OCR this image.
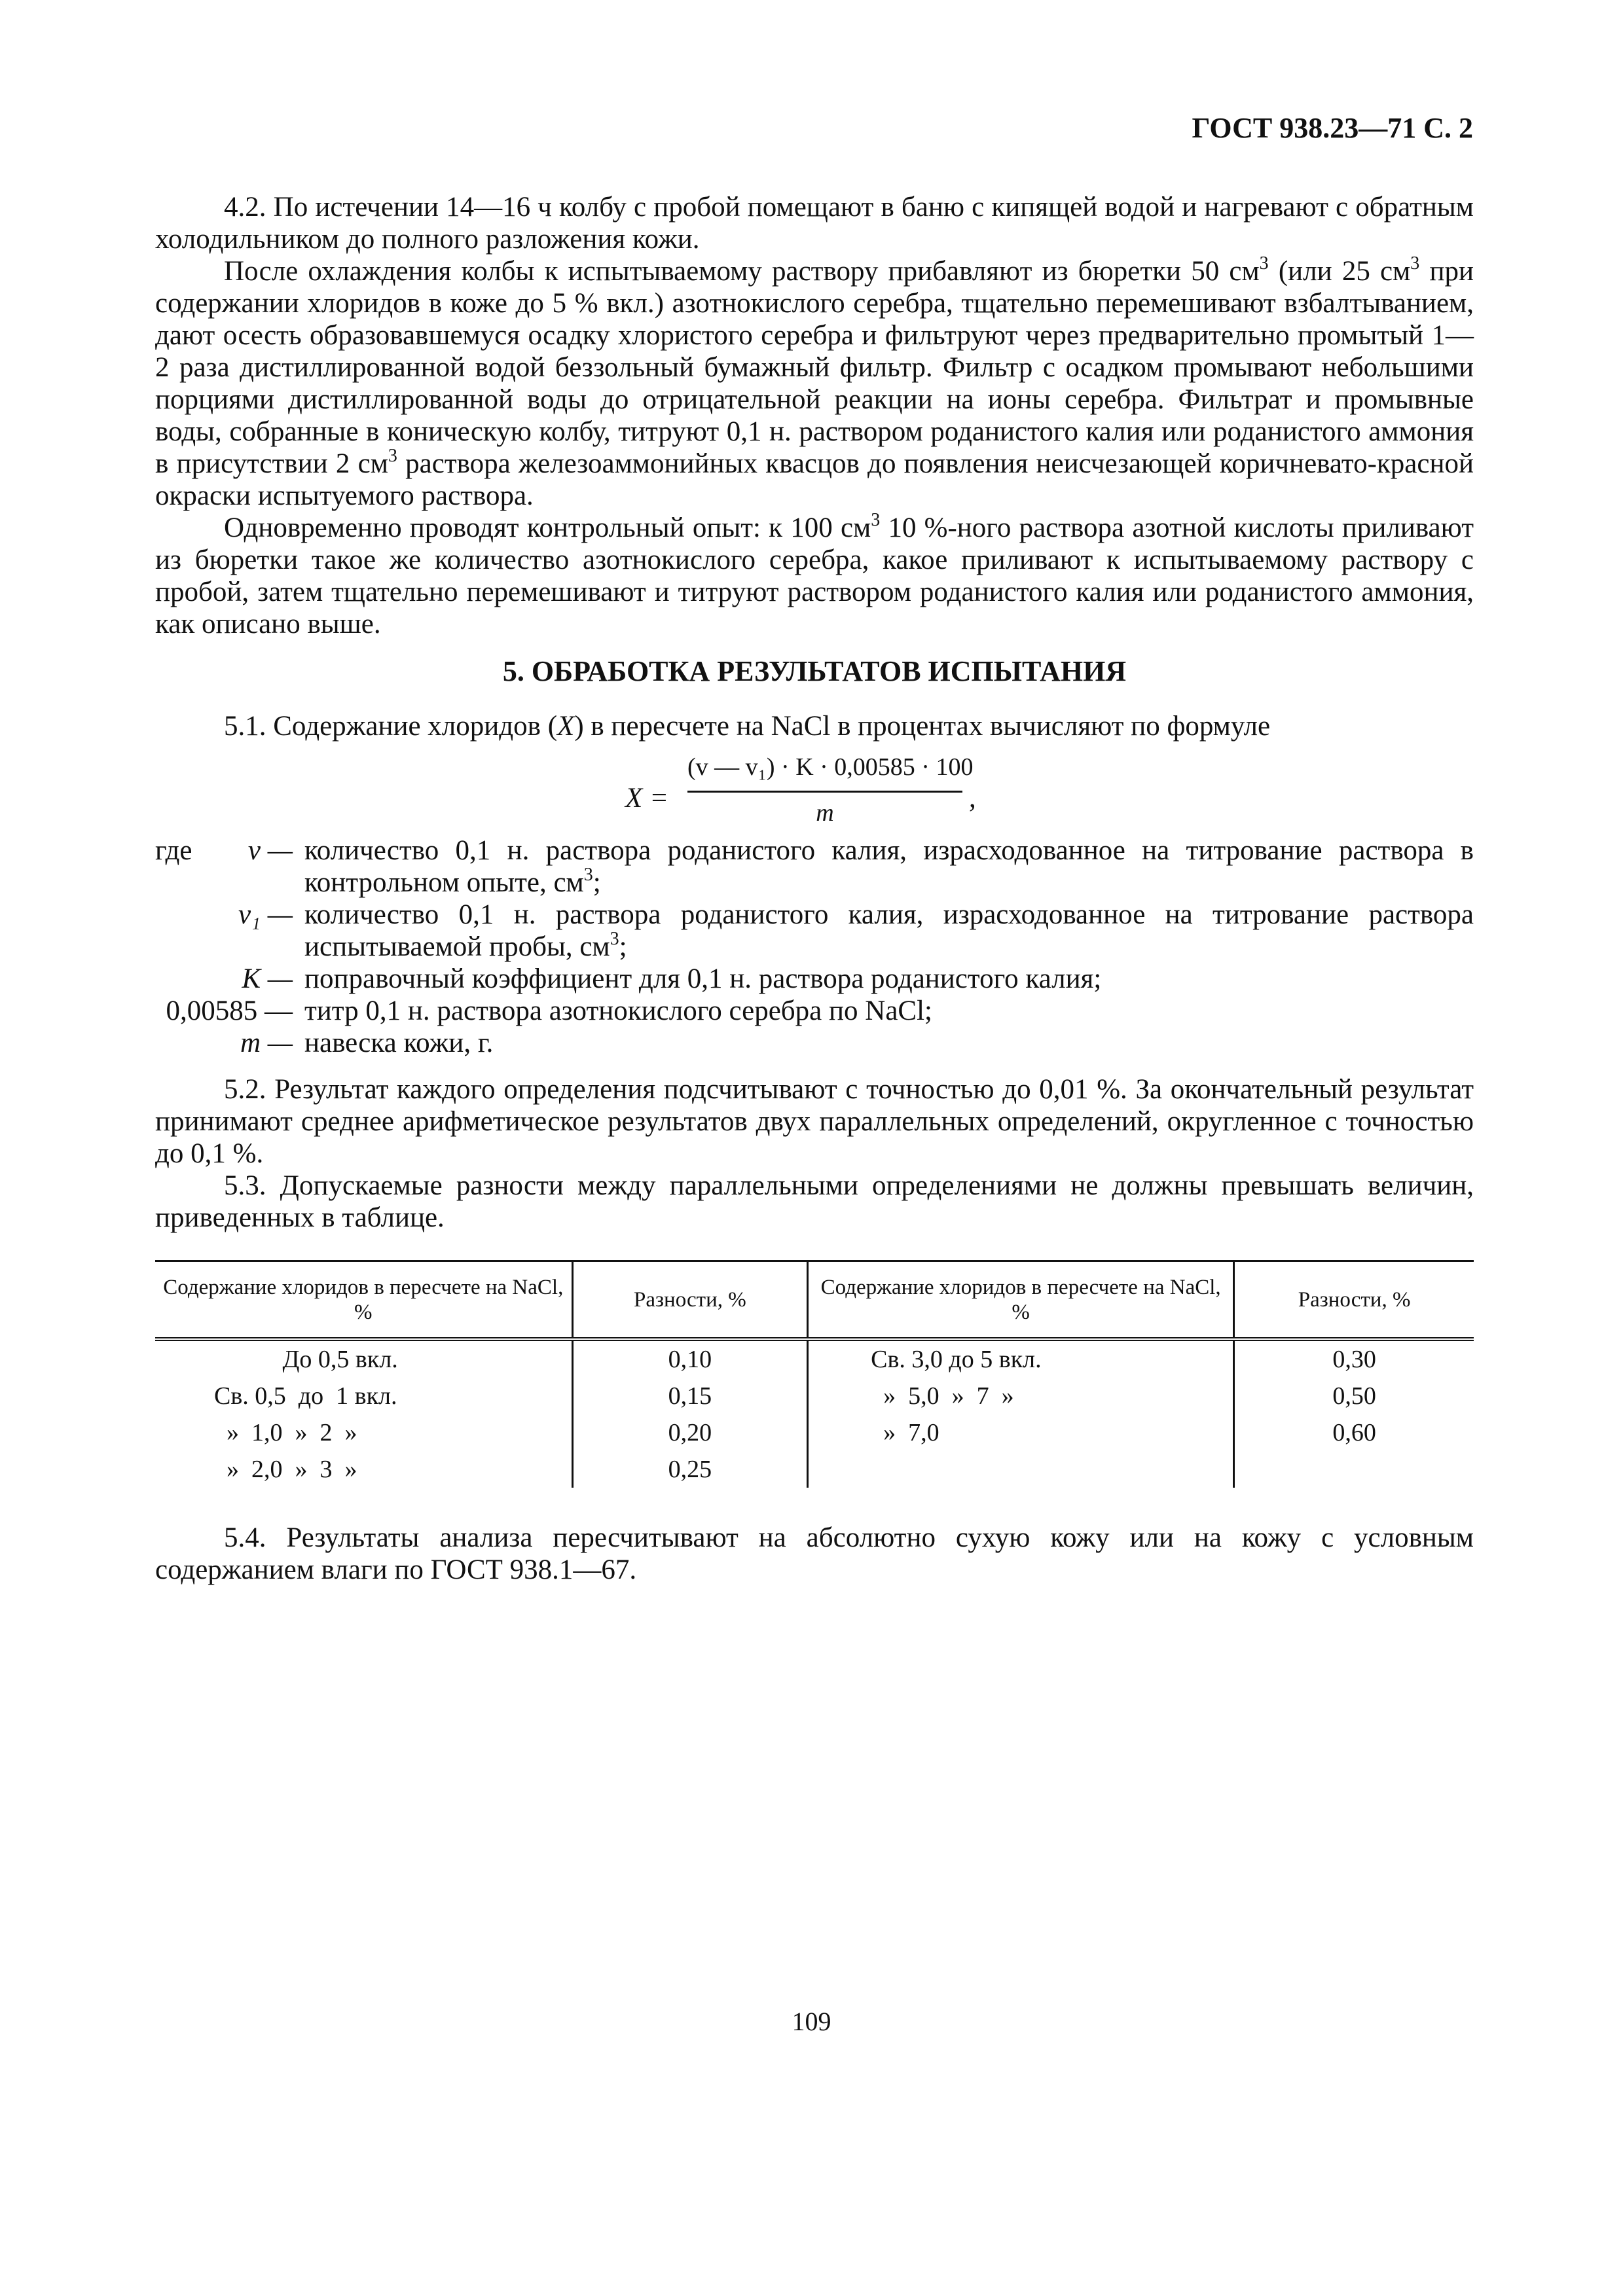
ГОСТ 938.23—71 С. 2

4.2. По истечении 14—16 ч колбу с пробой помещают в баню с кипящей водой и нагревают с обратным холодильником до полного разложения кожи.

После охлаждения колбы к испытываемому раствору прибавляют из бюретки 50 $см^3$ (или 25 $см^3$ при содержании хлоридов в коже до 5 % вкл.) азотнокислого серебра, тщательно перемешивают взбалтыванием, дают осесть образовавшемуся осадку хлористого серебра и фильтруют через предварительно промытый 1—2 раза дистиллированной водой беззольный бумажный фильтр. Фильтр с осадком промывают небольшими порциями дистиллированной воды до отрицательной реакции на ионы серебра. Фильтрат и промывные воды, собранные в коническую колбу, титруют 0,1 н. раствором роданистого калия или роданистого аммония в присутствии 2 $см^3$ раствора железоаммонийных квасцов до появления неисчезающей коричневато-красной окраски испытуемого раствора.

Одновременно проводят контрольный опыт: к 100 $см^3$ 10 %-ного раствора азотной кислоты приливают из бюретки такое же количество азотнокислого серебра, какое приливают к испытываемому раствору с пробой, затем тщательно перемешивают и титруют раствором роданистого калия или роданистого аммония, как описано выше.

5. ОБРАБОТКА РЕЗУЛЬТАТОВ ИСПЫТАНИЯ

5.1. Содержание хлоридов (X) в пересчете на NaCl в процентах вычисляют по формуле

X =
(v — v₁) · K · 0,00585 · 100
m	,
где	v — количество 0,1 н. раствора роданистого калия, израсходованное на титрование раствора в контрольном опыте, $см^3$;
v₁ — количество 0,1 н. раствора роданистого калия, израсходованное на титрование раствора испытываемой пробы, $см^3$;
K — поправочный коэффициент для 0,1 н. раствора роданистого калия;
0,00585 — титр 0,1 н. раствора азотнокислого серебра по NaCl;
m — навеска кожи, г.

5.2. Результат каждого определения подсчитывают с точностью до 0,01 %. За окончательный результат принимают среднее арифметическое результатов двух параллельных определений, округленное с точностью до 0,1 %.

5.3. Допускаемые разности между параллельными определениями не должны превышать величин, приведенных в таблице.

Содержание хлоридов в пересчете на NaCl, %	Разности, %	Содержание хлоридов в пересчете на NaCl, %	Разности, %
До 0,5 вкл.	0,10	Св. 3,0 до 5 вкл.	0,30
Св. 0,5  до  1 вкл.	0,15	»  5,0  »  7  »	0,50
»  1,0  »  2  »	0,20	»  7,0	0,60
»  2,0  »  3  »	0,25		

5.4. Результаты анализа пересчитывают на абсолютно сухую кожу или на кожу с условным содержанием влаги по ГОСТ 938.1—67.

109
